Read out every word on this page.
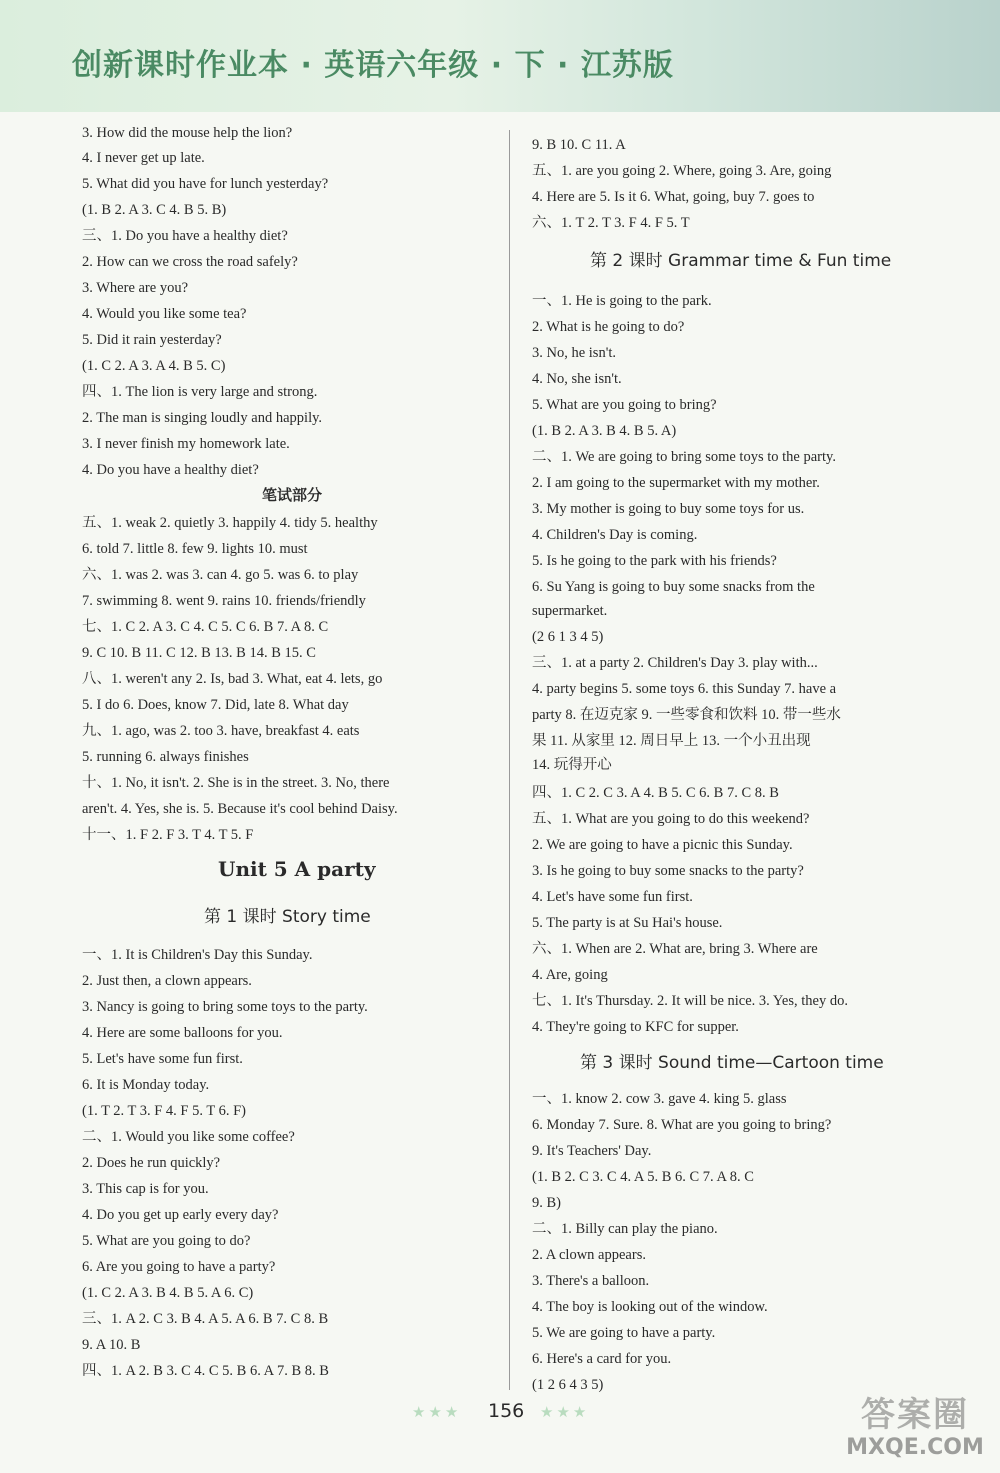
创新课时作业本 · 英语六年级 · 下 · 江苏版
3. How did the mouse help the lion?
4. I never get up late.
5. What did you have for lunch yesterday?
(1. B 2. A 3. C 4. B 5. B)
三、1. Do you have a healthy diet?
2. How can we cross the road safely?
3. Where are you?
4. Would you like some tea?
5. Did it rain yesterday?
(1. C 2. A 3. A 4. B 5. C)
四、1. The lion is very large and strong.
2. The man is singing loudly and happily.
3. I never finish my homework late.
4. Do you have a healthy diet?
笔试部分
五、1. weak 2. quietly 3. happily 4. tidy 5. healthy
6. told 7. little 8. few 9. lights 10. must
六、1. was 2. was 3. can 4. go 5. was 6. to play
7. swimming 8. went 9. rains 10. friends/friendly
七、1. C 2. A 3. C 4. C 5. C 6. B 7. A 8. C
9. C 10. B 11. C 12. B 13. B 14. B 15. C
八、1. weren't any 2. Is, bad 3. What, eat 4. lets, go
5. I do 6. Does, know 7. Did, late 8. What day
九、1. ago, was 2. too 3. have, breakfast 4. eats
5. running 6. always finishes
十、1. No, it isn't. 2. She is in the street. 3. No, there
aren't. 4. Yes, she is. 5. Because it's cool behind Daisy.
十一、1. F 2. F 3. T 4. T 5. F
Unit 5 A party
第 1 课时 Story time
一、1. It is Children's Day this Sunday.
2. Just then, a clown appears.
3. Nancy is going to bring some toys to the party.
4. Here are some balloons for you.
5. Let's have some fun first.
6. It is Monday today.
(1. T 2. T 3. F 4. F 5. T 6. F)
二、1. Would you like some coffee?
2. Does he run quickly?
3. This cap is for you.
4. Do you get up early every day?
5. What are you going to do?
6. Are you going to have a party?
(1. C 2. A 3. B 4. B 5. A 6. C)
三、1. A 2. C 3. B 4. A 5. A 6. B 7. C 8. B
9. A 10. B
四、1. A 2. B 3. C 4. C 5. B 6. A 7. B 8. B
9. B 10. C 11. A
五、1. are you going 2. Where, going 3. Are, going
4. Here are 5. Is it 6. What, going, buy 7. goes to
六、1. T 2. T 3. F 4. F 5. T
第 2 课时 Grammar time & Fun time
一、1. He is going to the park.
2. What is he going to do?
3. No, he isn't.
4. No, she isn't.
5. What are you going to bring?
(1. B 2. A 3. B 4. B 5. A)
二、1. We are going to bring some toys to the party.
2. I am going to the supermarket with my mother.
3. My mother is going to buy some toys for us.
4. Children's Day is coming.
5. Is he going to the park with his friends?
6. Su Yang is going to buy some snacks from the
supermarket.
(2 6 1 3 4 5)
三、1. at a party 2. Children's Day 3. play with...
4. party begins 5. some toys 6. this Sunday 7. have a
party 8. 在迈克家 9. 一些零食和饮料 10. 带一些水
果 11. 从家里 12. 周日早上 13. 一个小丑出现
14. 玩得开心
四、1. C 2. C 3. A 4. B 5. C 6. B 7. C 8. B
五、1. What are you going to do this weekend?
2. We are going to have a picnic this Sunday.
3. Is he going to buy some snacks to the party?
4. Let's have some fun first.
5. The party is at Su Hai's house.
六、1. When are 2. What are, bring 3. Where are
4. Are, going
七、1. It's Thursday. 2. It will be nice. 3. Yes, they do.
4. They're going to KFC for supper.
第 3 课时 Sound time—Cartoon time
一、1. know 2. cow 3. gave 4. king 5. glass
6. Monday 7. Sure. 8. What are you going to bring?
9. It's Teachers' Day.
(1. B 2. C 3. C 4. A 5. B 6. C 7. A 8. C
9. B)
二、1. Billy can play the piano.
2. A clown appears.
3. There's a balloon.
4. The boy is looking out of the window.
5. We are going to have a party.
6. Here's a card for you.
(1 2 6 4 3 5)
★★★ 156 ★★★	答案圈
MXQE.COM
